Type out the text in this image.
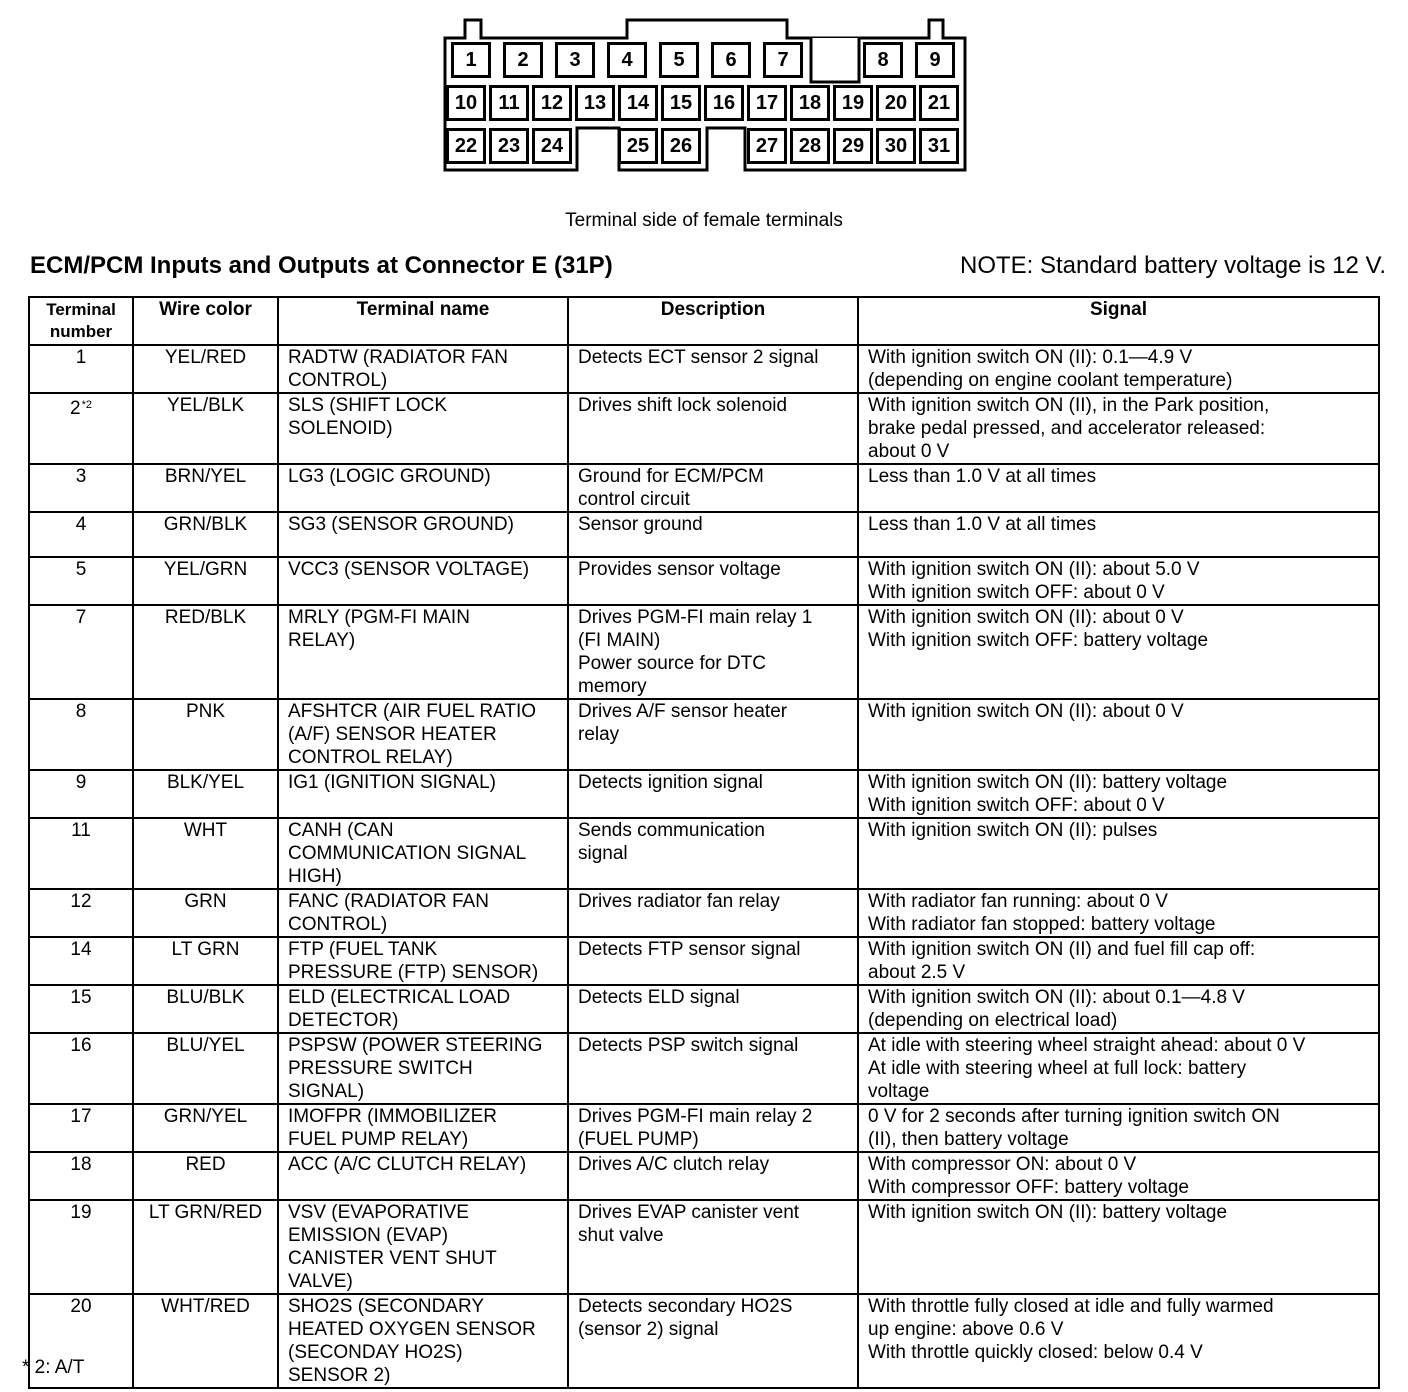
1	2	3	4	5	6	7	8	9
10	11	12	13	14	15	16	17	18	19	20	21
22	23	24	25	26	27	28	29	30	31
Terminal side of female terminals
ECM/PCM Inputs and Outputs at Connector E (31P)	NOTE: Standard battery voltage is 12 V.
Terminal
number	Wire color	Terminal name	Description	Signal
1	YEL/RED	RADTW (RADIATOR FAN
CONTROL)	Detects ECT sensor 2 signal	With ignition switch ON (II): 0.1—4.9 V
(depending on engine coolant temperature)

2$^{*2}$	YEL/BLK	SLS (SHIFT LOCK
SOLENOID)	Drives shift lock solenoid	With ignition switch ON (II), in the Park position,
brake pedal pressed, and accelerator released:
about 0 V

3	BRN/YEL	LG3 (LOGIC GROUND)	Ground for ECM/PCM
control circuit	Less than 1.0 V at all times

4	GRN/BLK	SG3 (SENSOR GROUND)	Sensor ground	Less than 1.0 V at all times

5	YEL/GRN	VCC3 (SENSOR VOLTAGE)	Provides sensor voltage	With ignition switch ON (II): about 5.0 V
With ignition switch OFF: about 0 V

7	RED/BLK	MRLY (PGM-FI MAIN
RELAY)	Drives PGM-FI main relay 1
(FI MAIN)
Power source for DTC
memory	With ignition switch ON (II): about 0 V
With ignition switch OFF: battery voltage

8	PNK	AFSHTCR (AIR FUEL RATIO
(A/F) SENSOR HEATER
CONTROL RELAY)	Drives A/F sensor heater
relay	With ignition switch ON (II): about 0 V

9	BLK/YEL	IG1 (IGNITION SIGNAL)	Detects ignition signal	With ignition switch ON (II): battery voltage
With ignition switch OFF: about 0 V

11	WHT	CANH (CAN
COMMUNICATION SIGNAL
HIGH)	Sends communication
signal	With ignition switch ON (II): pulses

12	GRN	FANC (RADIATOR FAN
CONTROL)	Drives radiator fan relay	With radiator fan running: about 0 V
With radiator fan stopped: battery voltage

14	LT GRN	FTP (FUEL TANK
PRESSURE (FTP) SENSOR)	Detects FTP sensor signal	With ignition switch ON (II) and fuel fill cap off:
about 2.5 V

15	BLU/BLK	ELD (ELECTRICAL LOAD
DETECTOR)	Detects ELD signal	With ignition switch ON (II): about 0.1—4.8 V
(depending on electrical load)

16	BLU/YEL	PSPSW (POWER STEERING
PRESSURE SWITCH
SIGNAL)	Detects PSP switch signal	At idle with steering wheel straight ahead: about 0 V
At idle with steering wheel at full lock: battery
voltage

17	GRN/YEL	IMOFPR (IMMOBILIZER
FUEL PUMP RELAY)	Drives PGM-FI main relay 2
(FUEL PUMP)	0 V for 2 seconds after turning ignition switch ON
(II), then battery voltage

18	RED	ACC (A/C CLUTCH RELAY)	Drives A/C clutch relay	With compressor ON: about 0 V
With compressor OFF: battery voltage

19	LT GRN/RED	VSV (EVAPORATIVE
EMISSION (EVAP)
CANISTER VENT SHUT
VALVE)	Drives EVAP canister vent
shut valve	With ignition switch ON (II): battery voltage

20	WHT/RED	SHO2S (SECONDARY
HEATED OXYGEN SENSOR
(SECONDAY HO2S)
SENSOR 2)	Detects secondary HO2S
(sensor 2) signal	With throttle fully closed at idle and fully warmed
up engine: above 0.6 V
With throttle quickly closed: below 0.4 V
* 2: A/T
